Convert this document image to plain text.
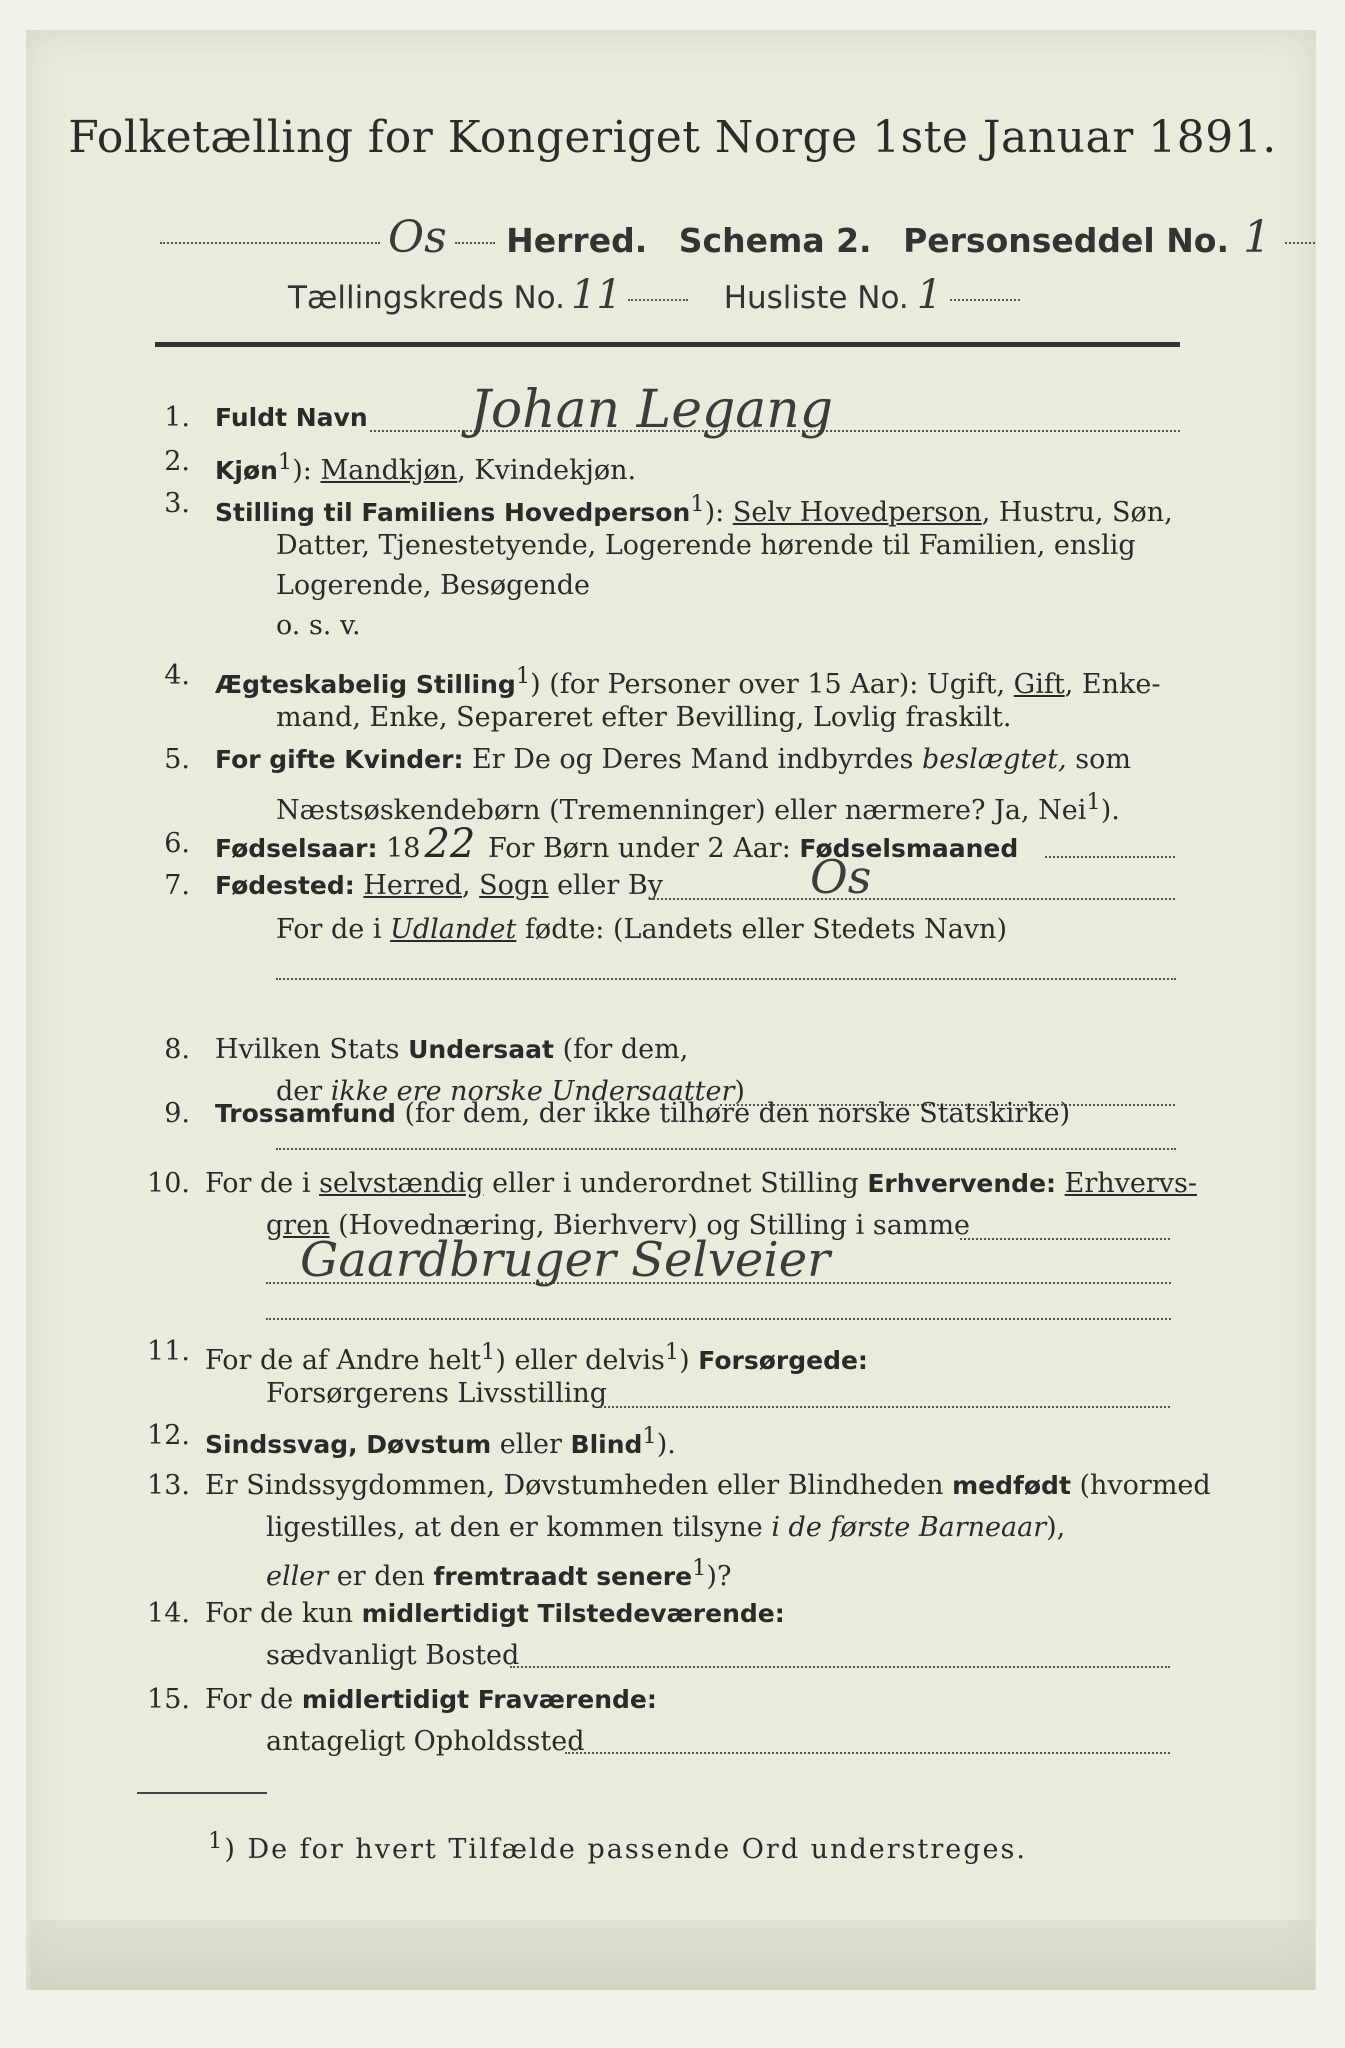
Folketælling for Kongeriget Norge 1ste Januar 1891.
Os Herred. Schema 2. Personseddel No. 1
Tællingskreds No. 11	Husliste No. 1
1. Fuldt Navn Johan Legang
2. Kjøn$^1$): Mandkjøn, Kvindekjøn.
3. Stilling til Familiens Hovedperson$^1$): Selv Hovedperson, Hustru, Søn,
Datter, Tjenestetyende, Logerende hørende til Familien, enslig
Logerende, Besøgende
o. s. v.
4. Ægteskabelig Stilling$^1$) (for Personer over 15 Aar): Ugift, Gift, Enke-
mand, Enke, Separeret efter Bevilling, Lovlig fraskilt.
5. For gifte Kvinder: Er De og Deres Mand indbyrdes beslægtet, som
Næstsøskendebørn (Tremenninger) eller nærmere? Ja, Nei$^1$).
6. Fødselsaar: 18 22 For Børn under 2 Aar: Fødselsmaaned
7. Fødested: Herred, Sogn eller By	Os
For de i Udlandet fødte: (Landets eller Stedets Navn)
8. Hvilken Stats Undersaat (for dem,
der ikke ere norske Undersaatter)
9. Trossamfund (for dem, der ikke tilhøre den norske Statskirke)
10. For de i selvstændig eller i underordnet Stilling Erhvervende: Erhvervs-
gren (Hovednæring, Bierhverv) og Stilling i samme
Gaardbruger Selveier
11. For de af Andre helt$^1$) eller delvis$^1$) Forsørgede:
Forsørgerens Livsstilling
12. Sindssvag, Døvstum eller Blind$^1$).
13. Er Sindssygdommen, Døvstumheden eller Blindheden medfødt (hvormed
ligestilles, at den er kommen tilsyne i de første Barneaar),
eller er den fremtraadt senere$^1$)?
14. For de kun midlertidigt Tilstedeværende:
sædvanligt Bosted
15. For de midlertidigt Fraværende:
antageligt Opholdssted
$^1$) De for hvert Tilfælde passende Ord understreges.
